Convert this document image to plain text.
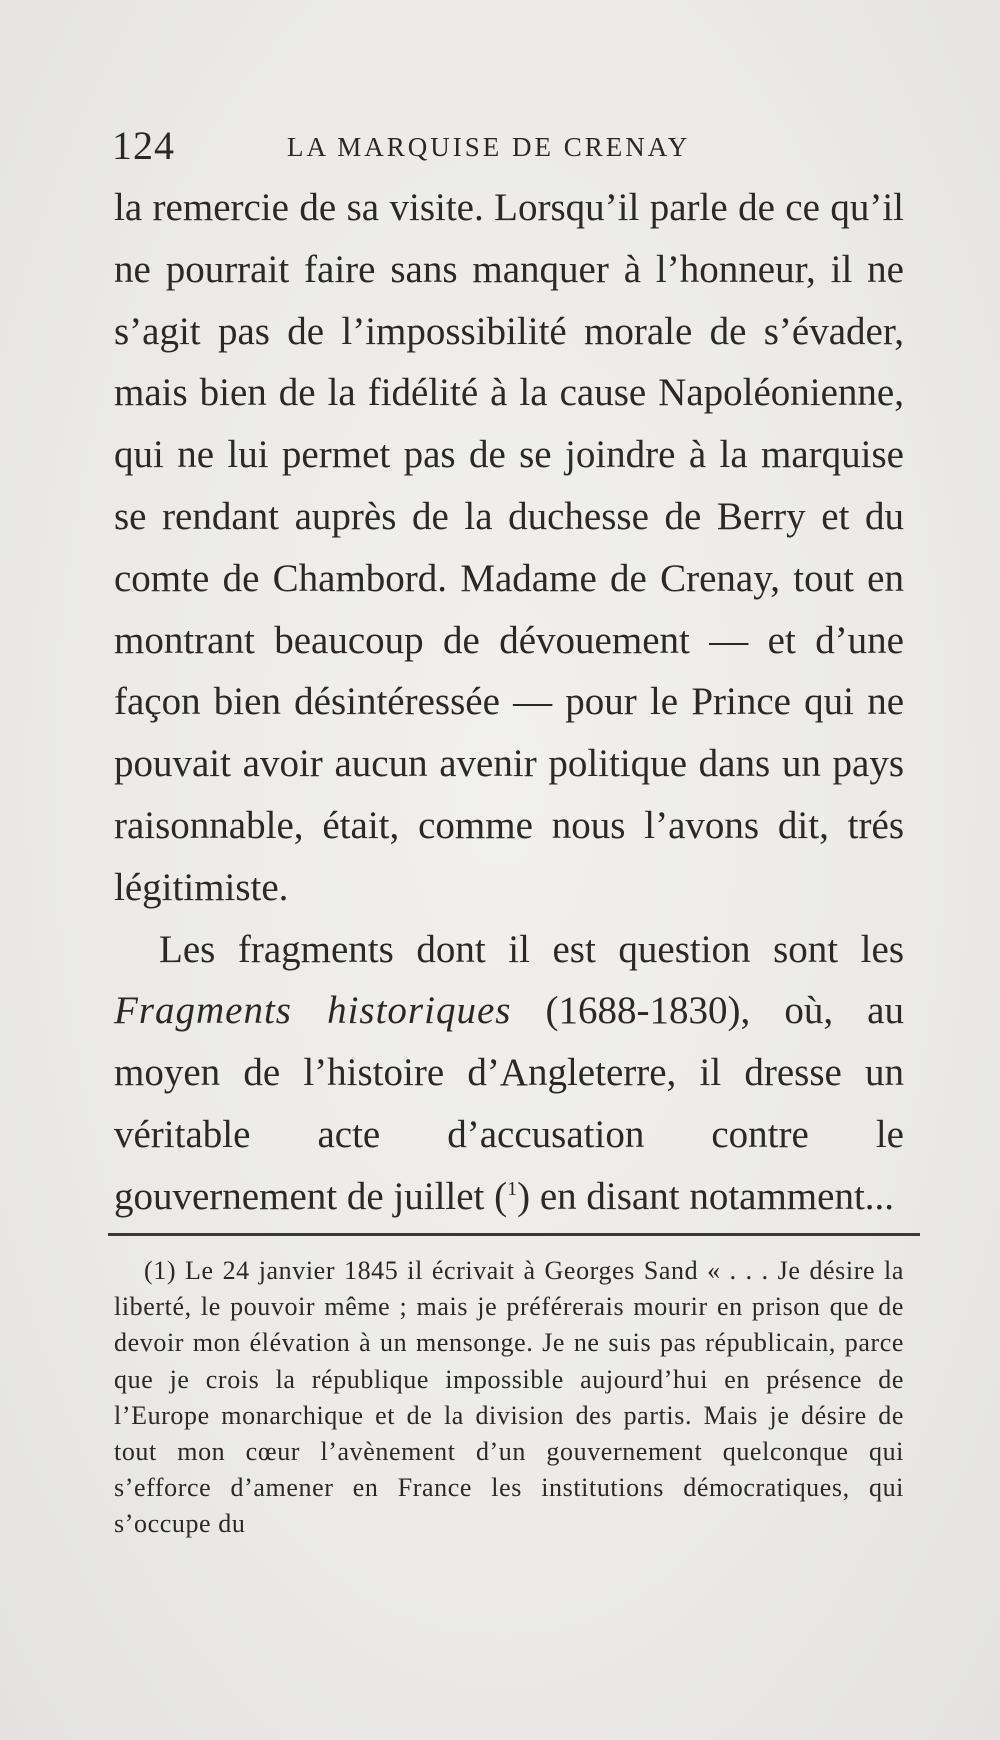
124	LA MARQUISE DE CRENAY

la remercie de sa visite. Lorsqu’il parle de ce qu’il ne pourrait faire sans manquer à l’honneur, il ne s’agit pas de l’impossibilité morale de s’évader, mais bien de la fidélité à la cause Napoléonienne, qui ne lui permet pas de se joindre à la marquise se rendant auprès de la duchesse de Berry et du comte de Chambord. Madame de Crenay, tout en montrant beaucoup de dévouement — et d’une façon bien désintéressée — pour le Prince qui ne pouvait avoir aucun avenir politique dans un pays raisonnable, était, comme nous l’avons dit, trés légitimiste.

Les fragments dont il est question sont les Fragments historiques (1688-1830), où, au moyen de l’histoire d’Angleterre, il dresse un véritable acte d’accusation contre le gouvernement de juillet ($^1$) en disant notamment...

(1) Le 24 janvier 1845 il écrivait à Georges Sand « . . . Je désire la liberté, le pouvoir même ; mais je préférerais mourir en prison que de devoir mon élévation à un mensonge. Je ne suis pas républicain, parce que je crois la république impossible aujourd’hui en présence de l’Europe monarchique et de la division des partis. Mais je désire de tout mon cœur l’avènement d’un gouvernement quelconque qui s’efforce d’amener en France les institutions démocratiques, qui s’occupe du
